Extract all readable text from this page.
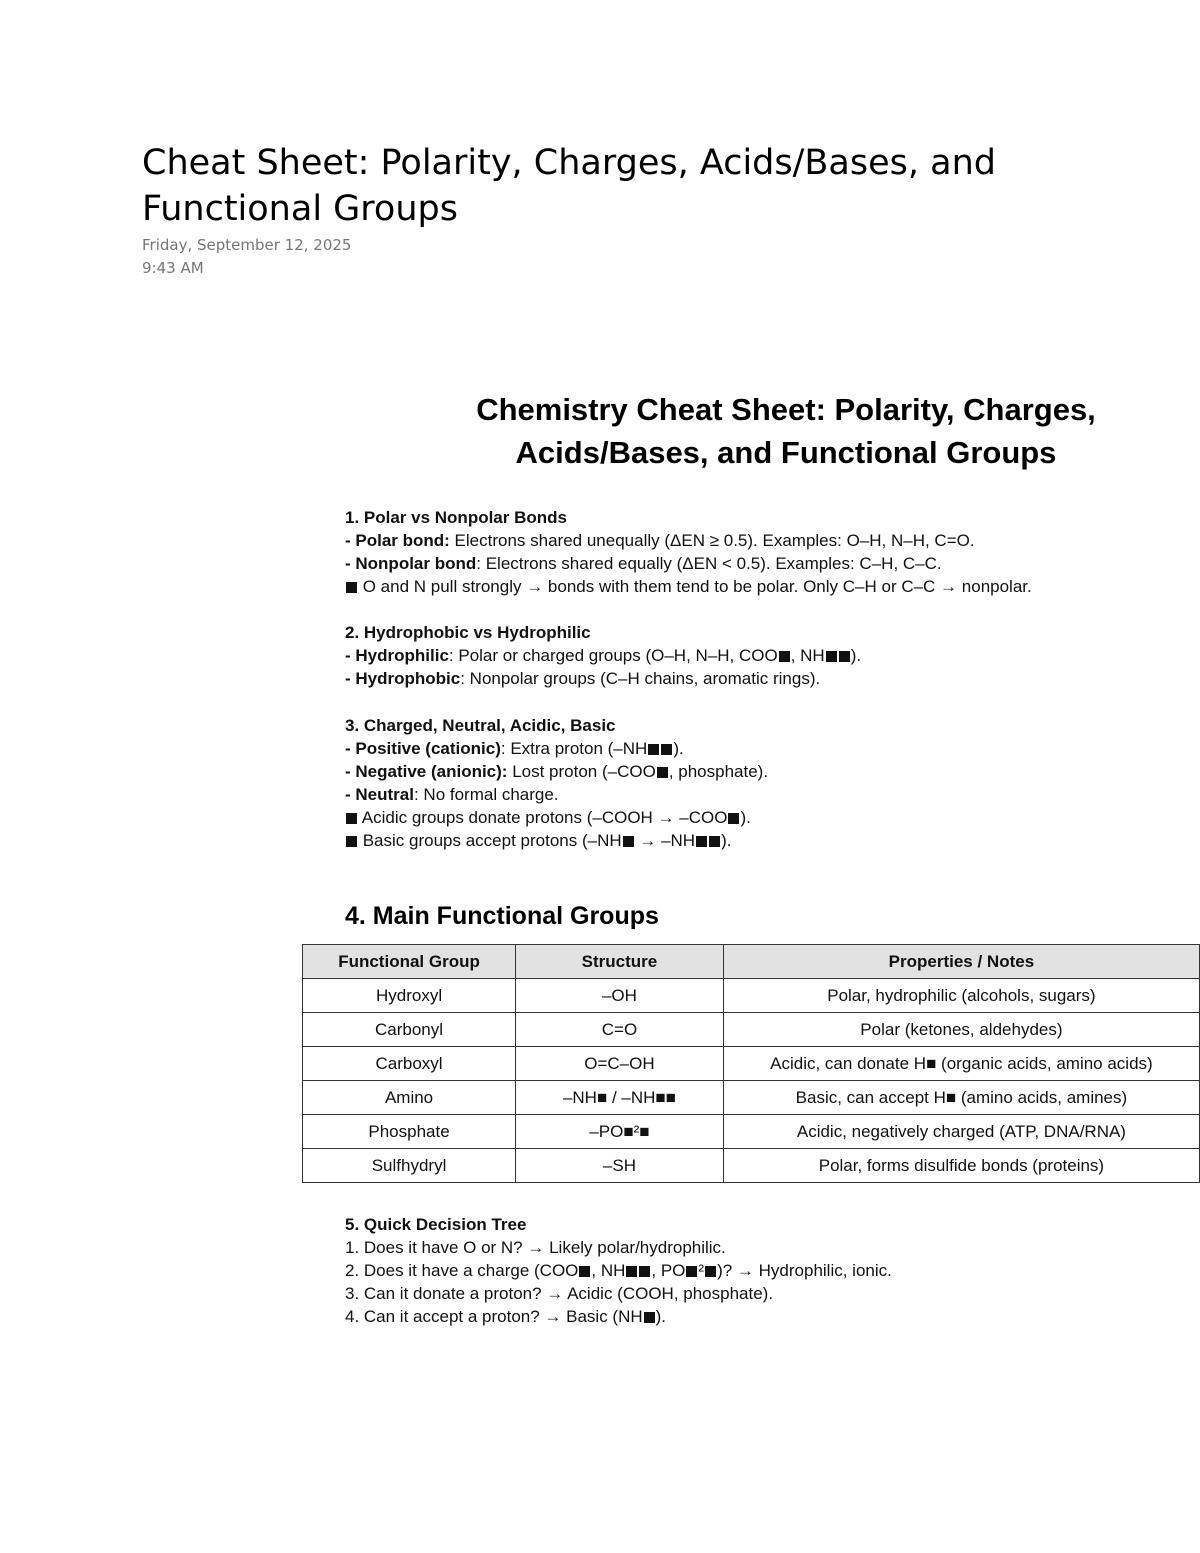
Cheat Sheet: Polarity, Charges, Acids/Bases, and Functional Groups
Friday, September 12, 2025
9:43 AM
Chemistry Cheat Sheet: Polarity, Charges,
Acids/Bases, and Functional Groups
1. Polar vs Nonpolar Bonds
- Polar bond: Electrons shared unequally (ΔEN ≥ 0.5). Examples: O–H, N–H, C=O.
- Nonpolar bond: Electrons shared equally (ΔEN < 0.5). Examples: C–H, C–C.
O and N pull strongly → bonds with them tend to be polar. Only C–H or C–C → nonpolar.
2. Hydrophobic vs Hydrophilic
- Hydrophilic: Polar or charged groups (O–H, N–H, COO , NH ).
- Hydrophobic: Nonpolar groups (C–H chains, aromatic rings).
3. Charged, Neutral, Acidic, Basic
- Positive (cationic): Extra proton (–NH ).
- Negative (anionic): Lost proton (–COO , phosphate).
- Neutral: No formal charge.
Acidic groups donate protons (–COOH → –COO ).
Basic groups accept protons (–NH → –NH ).
4. Main Functional Groups
Functional Group	Structure	Properties / Notes
Hydroxyl	–OH	Polar, hydrophilic (alcohols, sugars)
Carbonyl	C=O	Polar (ketones, aldehydes)
Carboxyl	O=C–OH	Acidic, can donate H■ (organic acids, amino acids)
Amino	–NH■ / –NH■■	Basic, can accept H■ (amino acids, amines)
Phosphate	–PO■²■	Acidic, negatively charged (ATP, DNA/RNA)
Sulfhydryl	–SH	Polar, forms disulfide bonds (proteins)
5. Quick Decision Tree
1. Does it have O or N? → Likely polar/hydrophilic.
2. Does it have a charge (COO , NH , PO ² )? → Hydrophilic, ionic.
3. Can it donate a proton? → Acidic (COOH, phosphate).
4. Can it accept a proton? → Basic (NH ).
